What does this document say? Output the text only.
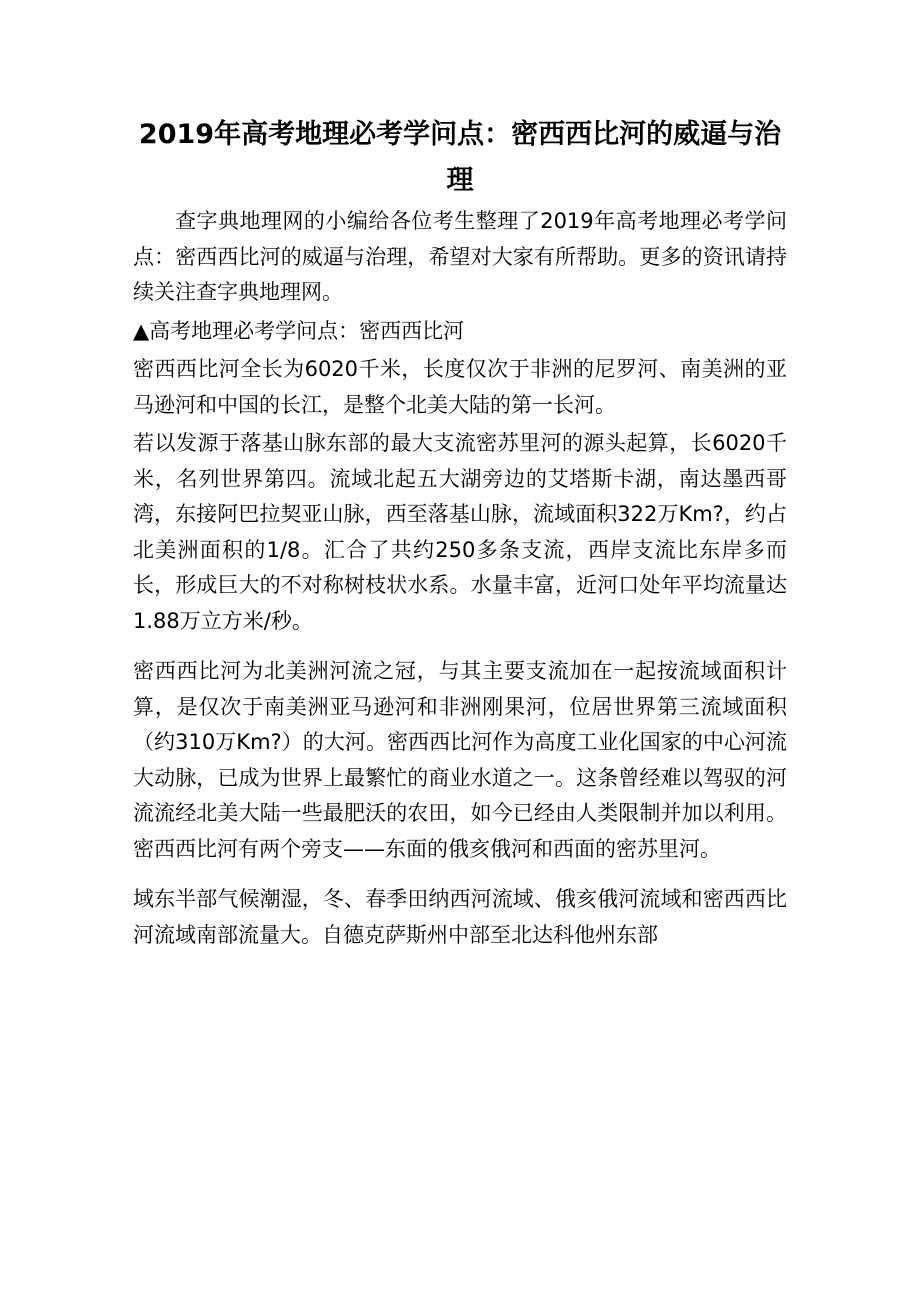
2019年高考地理必考学问点：密西西比河的威逼与治理

查字典地理网的小编给各位考生整理了2019年高考地理必考学问点：密西西比河的威逼与治理，希望对大家有所帮助。更多的资讯请持续关注查字典地理网。

▲高考地理必考学问点：密西西比河

密西西比河全长为6020千米，长度仅次于非洲的尼罗河、南美洲的亚马逊河和中国的长江，是整个北美大陆的第一长河。

若以发源于落基山脉东部的最大支流密苏里河的源头起算，长6020千米，名列世界第四。流域北起五大湖旁边的艾塔斯卡湖，南达墨西哥湾，东接阿巴拉契亚山脉，西至落基山脉，流域面积322万Km?，约占北美洲面积的1/8。汇合了共约250多条支流，西岸支流比东岸多而长，形成巨大的不对称树枝状水系。水量丰富，近河口处年平均流量达1.88万立方米/秒。

密西西比河为北美洲河流之冠，与其主要支流加在一起按流域面积计算，是仅次于南美洲亚马逊河和非洲刚果河，位居世界第三流域面积（约310万Km?）的大河。密西西比河作为高度工业化国家的中心河流大动脉，已成为世界上最繁忙的商业水道之一。这条曾经难以驾驭的河流流经北美大陆一些最肥沃的农田，如今已经由人类限制并加以利用。密西西比河有两个旁支——东面的俄亥俄河和西面的密苏里河。

域东半部气候潮湿，冬、春季田纳西河流域、俄亥俄河流域和密西西比河流域南部流量大。自德克萨斯州中部至北达科他州东部
